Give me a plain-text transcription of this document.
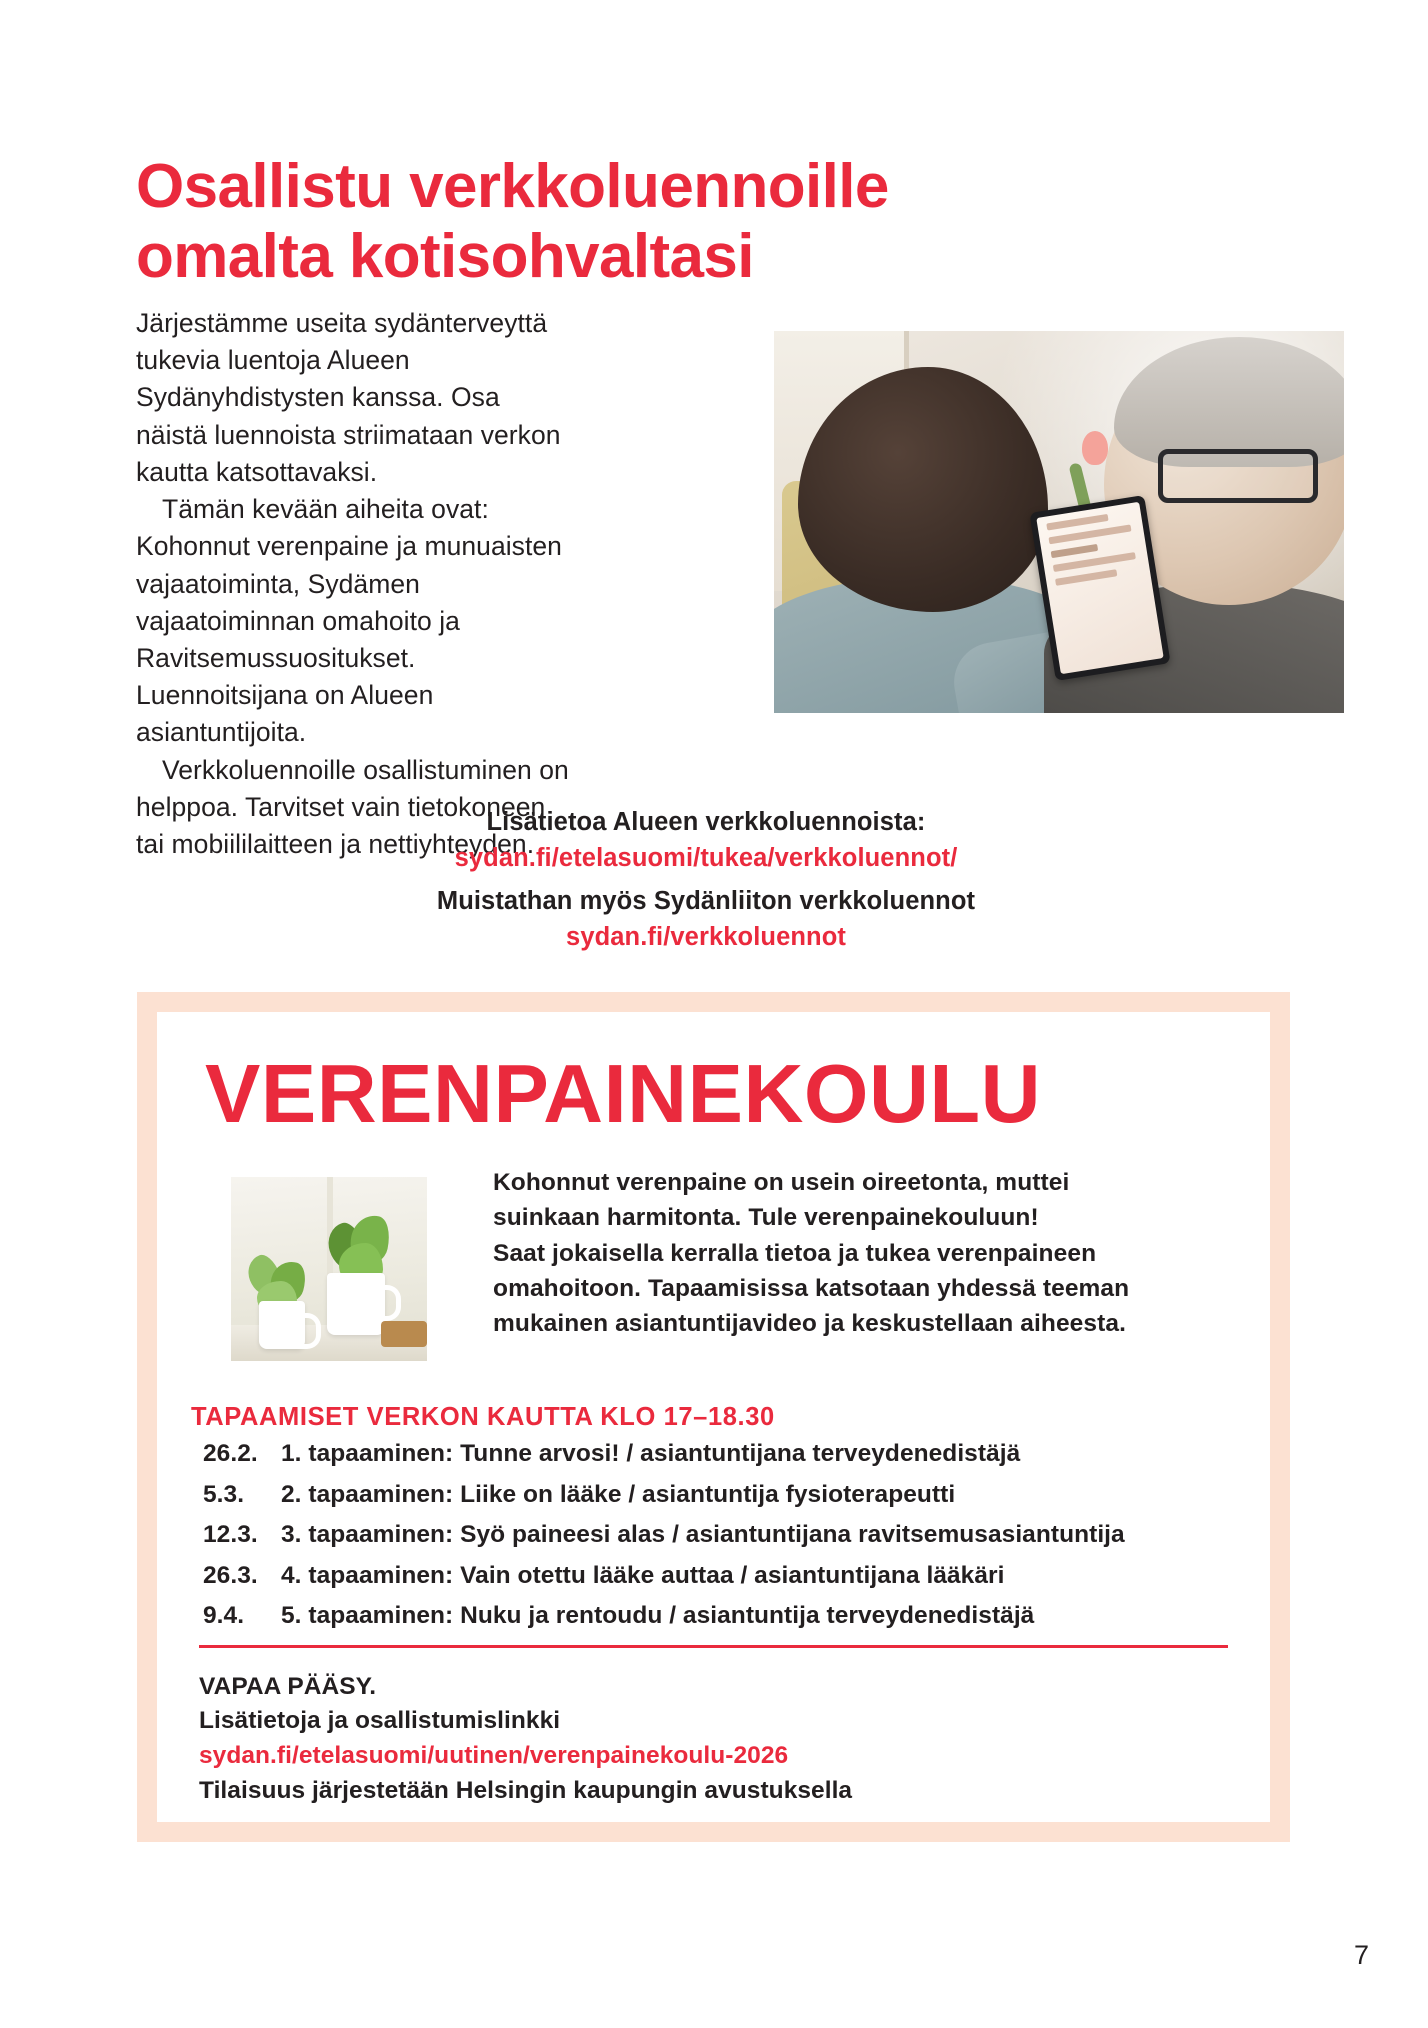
Osallistu verkkoluennoille
omalta kotisohvaltasi

Järjestämme useita sydänterveyttä tukevia luentoja Alueen Sydänyhdistysten kanssa. Osa näistä luennoista striimataan verkon kautta katsottavaksi.

Tämän kevään aiheita ovat: Kohonnut verenpaine ja munuaisten vajaatoiminta, Sydämen vajaatoiminnan omahoito ja Ravitsemussuositukset. Luennoitsijana on Alueen asiantuntijoita.

Verkkoluennoille osallistuminen on helppoa. Tarvitset vain tietokoneen tai mobiililaitteen ja nettiyhteyden.

Lisätietoa Alueen verkkoluennoista:

sydan.fi/etelasuomi/tukea/verkkoluennot/

Muistathan myös Sydänliiton verkkoluennot

sydan.fi/verkkoluennot

VERENPAINEKOULU

Kohonnut verenpaine on usein oireetonta, muttei

suinkaan harmitonta. Tule verenpainekouluun!

Saat jokaisella kerralla tietoa ja tukea verenpaineen

omahoitoon. Tapaamisissa katsotaan yhdessä teeman

mukainen asiantuntijavideo ja keskustellaan aiheesta.

TAPAAMISET VERKON KAUTTA KLO 17–18.30
26.2. 1. tapaaminen: Tunne arvosi! / asiantuntijana terveydenedistäjä
5.3.	2. tapaaminen: Liike on lääke / asiantuntija fysioterapeutti
12.3. 3. tapaaminen: Syö paineesi alas / asiantuntijana ravitsemusasiantuntija
26.3. 4. tapaaminen: Vain otettu lääke auttaa / asiantuntijana lääkäri
9.4.	5. tapaaminen: Nuku ja rentoudu / asiantuntija terveydenedistäjä

VAPAA PÄÄSY.

Lisätietoja ja osallistumislinkki

sydan.fi/etelasuomi/uutinen/verenpainekoulu-2026

Tilaisuus järjestetään Helsingin kaupungin avustuksella

7
